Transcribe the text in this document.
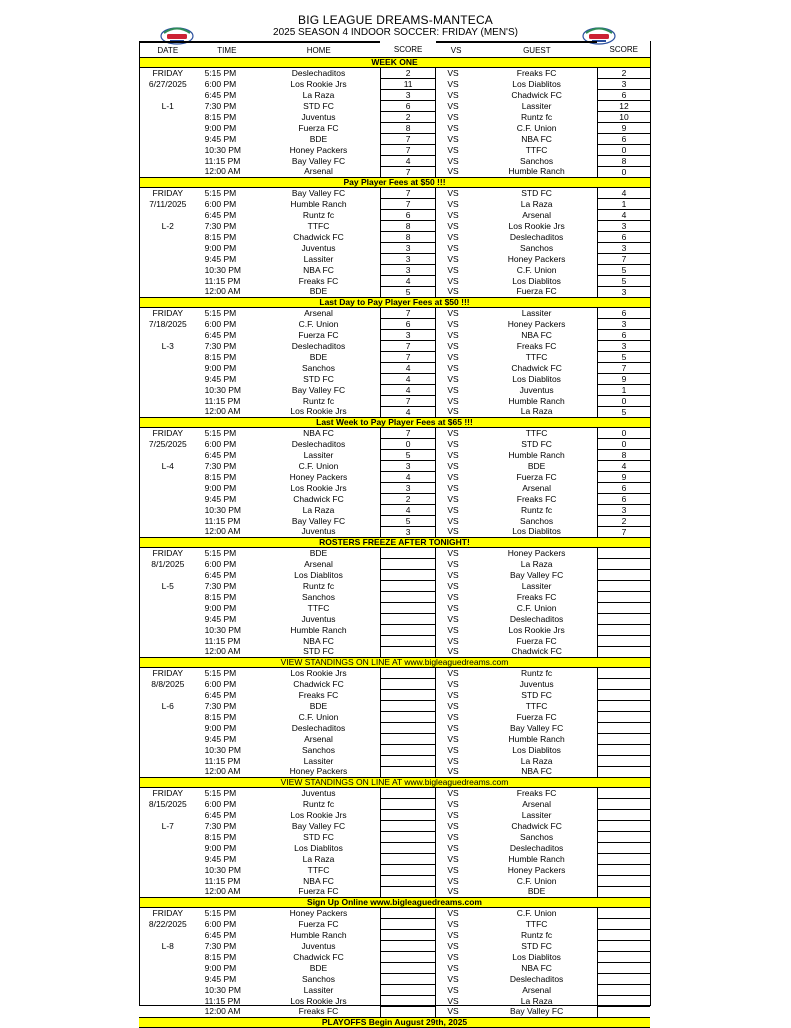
BIG LEAGUE DREAMS-MANTECA
2025 SEASON 4 INDOOR SOCCER: FRIDAY (MEN'S)
DATE	TIME	HOME	SCORE	VS	GUEST	SCORE
WEEK ONE						
FRIDAY	5:15 PM	Deslechaditos	2	VS	Freaks FC	2
6/27/2025	6:00 PM	Los Rookie Jrs	11	VS	Los Diablitos	3
	6:45 PM	La Raza	3	VS	Chadwick FC	6
L-1	7:30 PM	STD FC	6	VS	Lassiter	12
	8:15 PM	Juventus	2	VS	Runtz fc	10
	9:00 PM	Fuerza FC	8	VS	C.F. Union	9
	9:45 PM	BDE	7	VS	NBA FC	6
	10:30 PM	Honey Packers	7	VS	TTFC	0
	11:15 PM	Bay Valley FC	4	VS	Sanchos	8
	12:00 AM	Arsenal	7	VS	Humble Ranch	0
Pay Player Fees at $50 !!!						
FRIDAY	5:15 PM	Bay Valley FC	7	VS	STD FC	4
7/11/2025	6:00 PM	Humble Ranch	7	VS	La Raza	1
	6:45 PM	Runtz fc	6	VS	Arsenal	4
L-2	7:30 PM	TTFC	8	VS	Los Rookie Jrs	3
	8:15 PM	Chadwick FC	8	VS	Deslechaditos	6
	9:00 PM	Juventus	3	VS	Sanchos	3
	9:45 PM	Lassiter	3	VS	Honey Packers	7
	10:30 PM	NBA FC	3	VS	C.F. Union	5
	11:15 PM	Freaks FC	4	VS	Los Diablitos	5
	12:00 AM	BDE	5	VS	Fuerza FC	3
Last Day to Pay Player Fees at $50 !!!						
FRIDAY	5:15 PM	Arsenal	7	VS	Lassiter	6
7/18/2025	6:00 PM	C.F. Union	6	VS	Honey Packers	3
	6:45 PM	Fuerza FC	3	VS	NBA FC	6
L-3	7:30 PM	Deslechaditos	7	VS	Freaks FC	3
	8:15 PM	BDE	7	VS	TTFC	5
	9:00 PM	Sanchos	4	VS	Chadwick FC	7
	9:45 PM	STD FC	4	VS	Los Diablitos	9
	10:30 PM	Bay Valley FC	4	VS	Juventus	1
	11:15 PM	Runtz fc	7	VS	Humble Ranch	0
	12:00 AM	Los Rookie Jrs	4	VS	La Raza	5
Last Week to Pay Player Fees at $65 !!!						
FRIDAY	5:15 PM	NBA FC	7	VS	TTFC	0
7/25/2025	6:00 PM	Deslechaditos	0	VS	STD FC	0
	6:45 PM	Lassiter	5	VS	Humble Ranch	8
L-4	7:30 PM	C.F. Union	3	VS	BDE	4
	8:15 PM	Honey Packers	4	VS	Fuerza FC	9
	9:00 PM	Los Rookie Jrs	3	VS	Arsenal	6
	9:45 PM	Chadwick FC	2	VS	Freaks FC	6
	10:30 PM	La Raza	4	VS	Runtz fc	3
	11:15 PM	Bay Valley FC	5	VS	Sanchos	2
	12:00 AM	Juventus	3	VS	Los Diablitos	7
ROSTERS FREEZE AFTER TONIGHT!						
FRIDAY	5:15 PM	BDE		VS	Honey Packers	
8/1/2025	6:00 PM	Arsenal		VS	La Raza	
	6:45 PM	Los Diablitos		VS	Bay Valley FC	
L-5	7:30 PM	Runtz fc		VS	Lassiter	
	8:15 PM	Sanchos		VS	Freaks FC	
	9:00 PM	TTFC		VS	C.F. Union	
	9:45 PM	Juventus		VS	Deslechaditos	
	10:30 PM	Humble Ranch		VS	Los Rookie Jrs	
	11:15 PM	NBA FC		VS	Fuerza FC	
	12:00 AM	STD FC		VS	Chadwick FC	
VIEW STANDINGS ON LINE AT www.bigleaguedreams.com						
FRIDAY	5:15 PM	Los Rookie Jrs		VS	Runtz fc	
8/8/2025	6:00 PM	Chadwick FC		VS	Juventus	
	6:45 PM	Freaks FC		VS	STD FC	
L-6	7:30 PM	BDE		VS	TTFC	
	8:15 PM	C.F. Union		VS	Fuerza FC	
	9:00 PM	Deslechaditos		VS	Bay Valley FC	
	9:45 PM	Arsenal		VS	Humble Ranch	
	10:30 PM	Sanchos		VS	Los Diablitos	
	11:15 PM	Lassiter		VS	La Raza	
	12:00 AM	Honey Packers		VS	NBA FC	
VIEW STANDINGS ON LINE AT www.bigleaguedreams.com						
FRIDAY	5:15 PM	Juventus		VS	Freaks FC	
8/15/2025	6:00 PM	Runtz fc		VS	Arsenal	
	6:45 PM	Los Rookie Jrs		VS	Lassiter	
L-7	7:30 PM	Bay Valley FC		VS	Chadwick FC	
	8:15 PM	STD FC		VS	Sanchos	
	9:00 PM	Los Diablitos		VS	Deslechaditos	
	9:45 PM	La Raza		VS	Humble Ranch	
	10:30 PM	TTFC		VS	Honey Packers	
	11:15 PM	NBA FC		VS	C.F. Union	
	12:00 AM	Fuerza FC		VS	BDE	
Sign Up Online www.bigleaguedreams.com						
FRIDAY	5:15 PM	Honey Packers		VS	C.F. Union	
8/22/2025	6:00 PM	Fuerza FC		VS	TTFC	
	6:45 PM	Humble Ranch		VS	Runtz fc	
L-8	7:30 PM	Juventus		VS	STD FC	
	8:15 PM	Chadwick FC		VS	Los Diablitos	
	9:00 PM	BDE		VS	NBA FC	
	9:45 PM	Sanchos		VS	Deslechaditos	
	10:30 PM	Lassiter		VS	Arsenal	
	11:15 PM	Los Rookie Jrs		VS	La Raza	
	12:00 AM	Freaks FC		VS	Bay Valley FC	
PLAYOFFS Begin August 29th, 2025						
